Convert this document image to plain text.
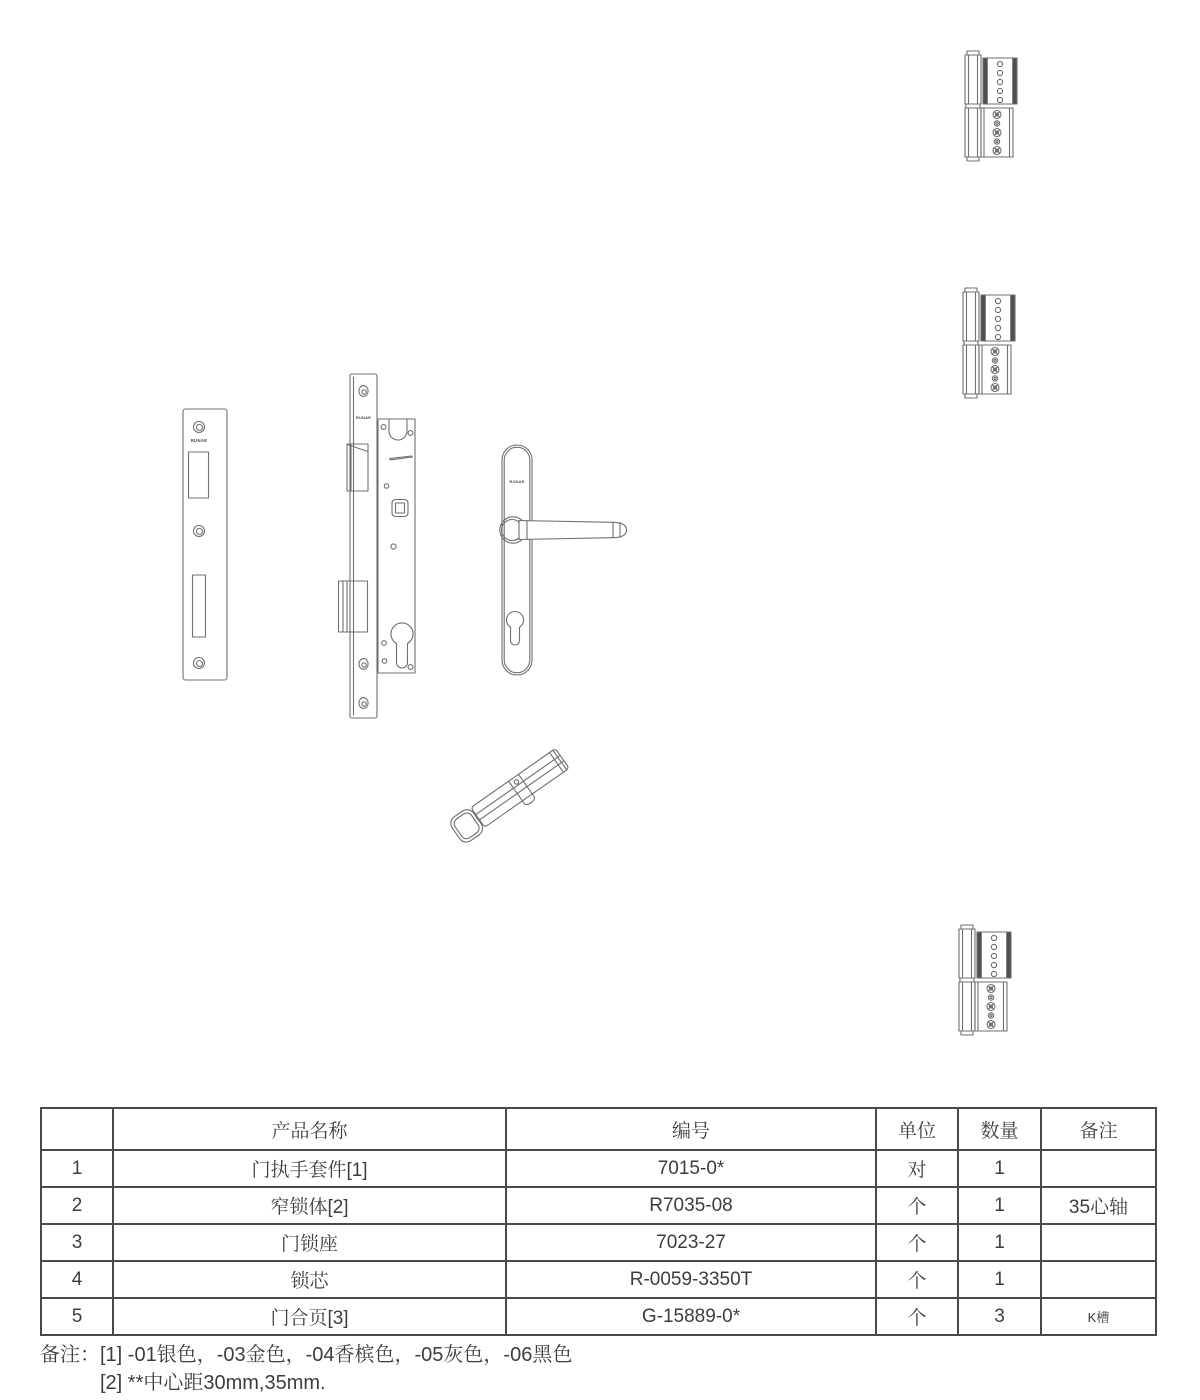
RUNAE
RUNAE
RUNAE
	产品名称	编号	单位	数量	备注
1	门执手套件[1]	7015-0*	对	1	
2	窄锁体[2]	R7035-08	个	1	35心轴
3	门锁座	7023-27	个	1	
4	锁芯	R-0059-3350T	个	1	
5	门合页[3]	G-15889-0*	个	3	K槽
备注： [1] -01银色，-03金色，-04香槟色，-05灰色，-06黑色
[2] **中心距30mm,35mm.
